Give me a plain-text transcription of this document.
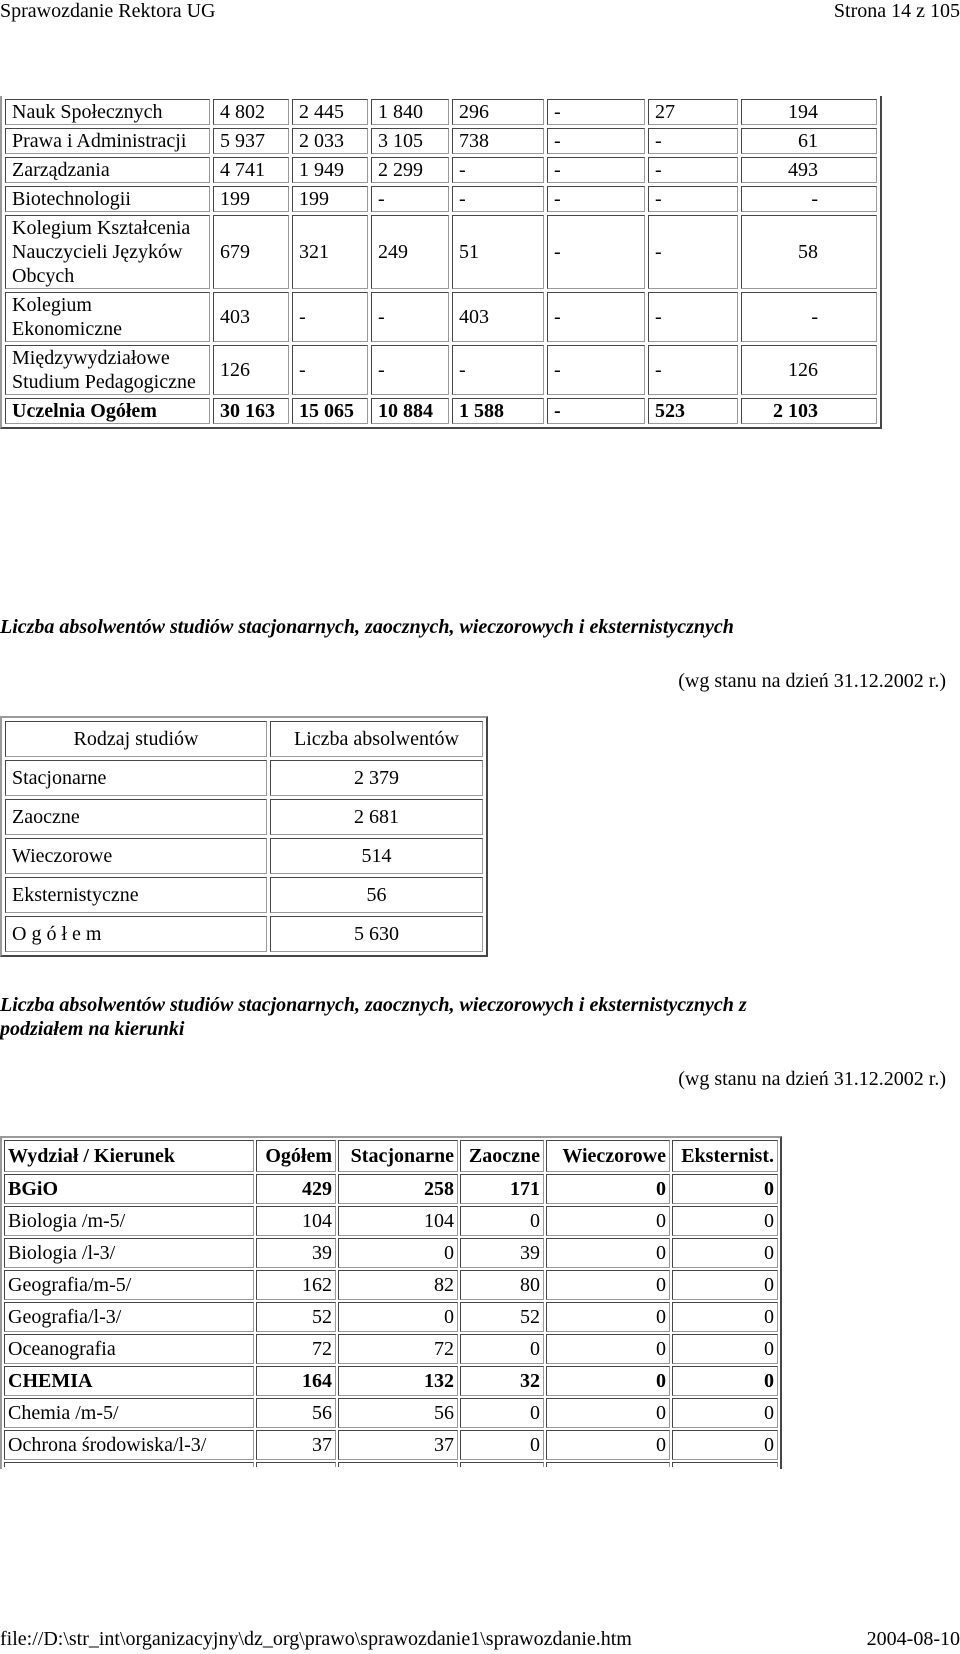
Sprawozdanie Rektora UG	Strona 14 z 105
Nauk Społecznych	4 802	2 445	1 840	296	-	27	194
Prawa i Administracji	5 937	2 033	3 105	738	-	-	61
Zarządzania	4 741	1 949	2 299	-	-	-	493
Biotechnologii	199	199	-	-	-	-	-
Kolegium Kształcenia Nauczycieli Języków Obcych	679	321	249	51	-	-	58
Kolegium Ekonomiczne	403	-	-	403	-	-	-
Międzywydziałowe Studium Pedagogiczne	126	-	-	-	-	-	126
Uczelnia Ogółem	30 163	15 065	10 884	1 588	-	523	2 103
Liczba absolwentów studiów stacjonarnych, zaocznych, wieczorowych i eksternistycznych
(wg stanu na dzień 31.12.2002 r.)
Rodzaj studiów	Liczba absolwentów
Stacjonarne	2 379
Zaoczne	2 681
Wieczorowe	514
Eksternistyczne	56
O g ó ł e m	5 630
Liczba absolwentów studiów stacjonarnych, zaocznych, wieczorowych i eksternistycznych z
podziałem na kierunki
(wg stanu na dzień 31.12.2002 r.)
Wydział / Kierunek	Ogółem	Stacjonarne	Zaoczne	Wieczorowe	Eksternist.
BGiO	429	258	171	0	0
Biologia /m-5/	104	104	0	0	0
Biologia /l-3/	39	0	39	0	0
Geografia/m-5/	162	82	80	0	0
Geografia/l-3/	52	0	52	0	0
Oceanografia	72	72	0	0	0
CHEMIA	164	132	32	0	0
Chemia /m-5/	56	56	0	0	0
Ochrona środowiska/l-3/	37	37	0	0	0

file://D:\str_int\organizacyjny\dz_org\prawo\sprawozdanie1\sprawozdanie.htm	2004-08-10
